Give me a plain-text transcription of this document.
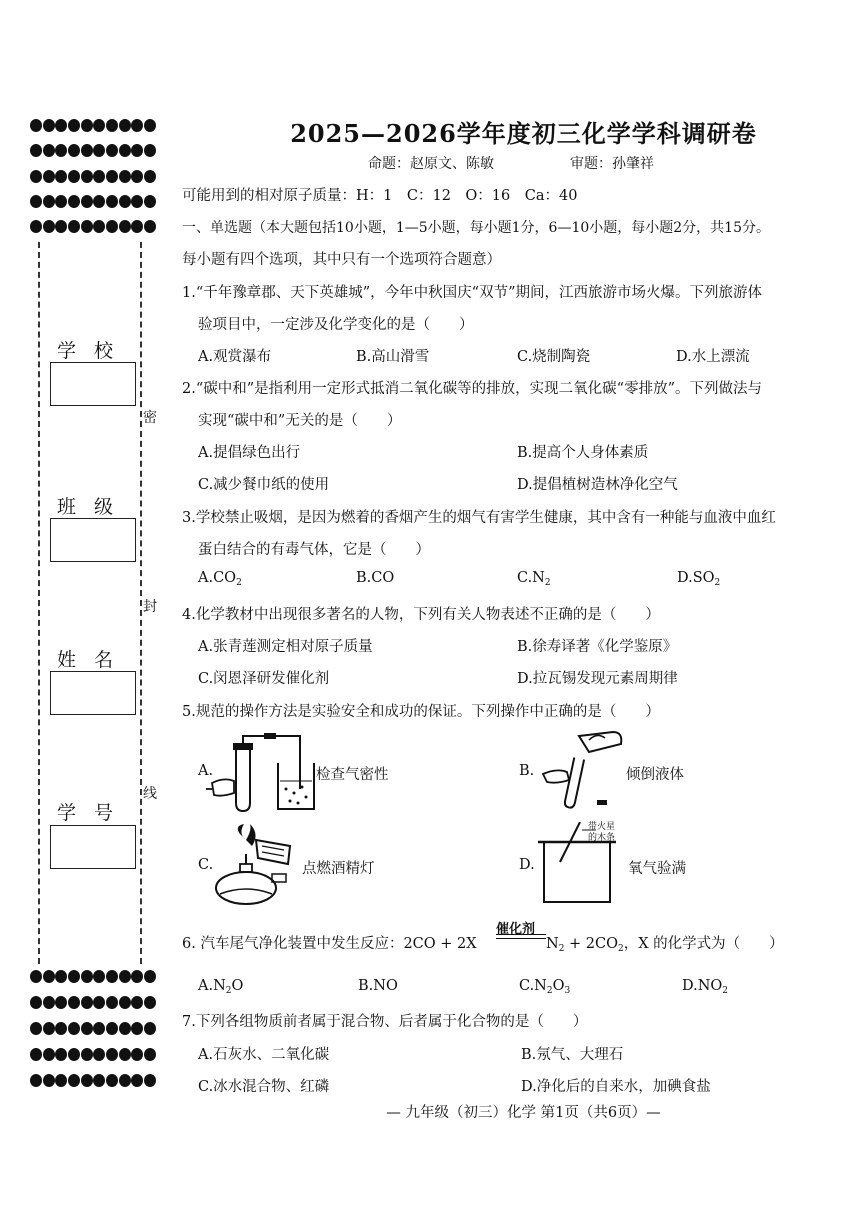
学校
班级
姓名
学号
密
封
线
2025—2026学年度初三化学学科调研卷
命题：赵原文、陈敏	审题：孙肇祥
可能用到的相对原子质量：H：1　C：12　O：16　Ca：40
一、单选题（本大题包括10小题，1—5小题，每小题1分，6—10小题，每小题2分，共15分。
每小题有四个选项，其中只有一个选项符合题意）
1.“千年豫章郡、天下英雄城”，今年中秋国庆“双节”期间，江西旅游市场火爆。下列旅游体
验项目中，一定涉及化学变化的是（　　）
A.观赏瀑布	B.高山滑雪	C.烧制陶瓷	D.水上漂流
2.“碳中和”是指利用一定形式抵消二氧化碳等的排放，实现二氧化碳“零排放”。下列做法与
实现“碳中和”无关的是（　　）
A.提倡绿色出行	B.提高个人身体素质
C.减少餐巾纸的使用	D.提倡植树造林净化空气
3.学校禁止吸烟，是因为燃着的香烟产生的烟气有害学生健康，其中含有一种能与血液中血红
蛋白结合的有毒气体，它是（　　）
$A.CO_2$	B.CO	$C.N_2$	$D.SO_2$
4.化学教材中出现很多著名的人物，下列有关人物表述不正确的是（　　）
A.张青莲测定相对原子质量	B.徐寿译著《化学鉴原》
C.闵恩泽研发催化剂	D.拉瓦锡发现元素周期律
5.规范的操作方法是实验安全和成功的保证。下列操作中正确的是（　　）
A.	检查气密性	B.	倾倒液体
C.	点燃酒精灯	D.
带火星
的木条
氧气验满
6. 汽车尾气净化装置中发生反应：2CO + 2X
催化剂
$N_2 + 2CO_2$，X 的化学式为（　　）
$A.N_2O$	B.NO	$C.N_2O_3$	$D.NO_2$
7.下列各组物质前者属于混合物、后者属于化合物的是（　　）
A.石灰水、二氧化碳	B.氖气、大理石
C.冰水混合物、红磷	D.净化后的自来水，加碘食盐
— 九年级（初三）化学 第1页（共6页）—
